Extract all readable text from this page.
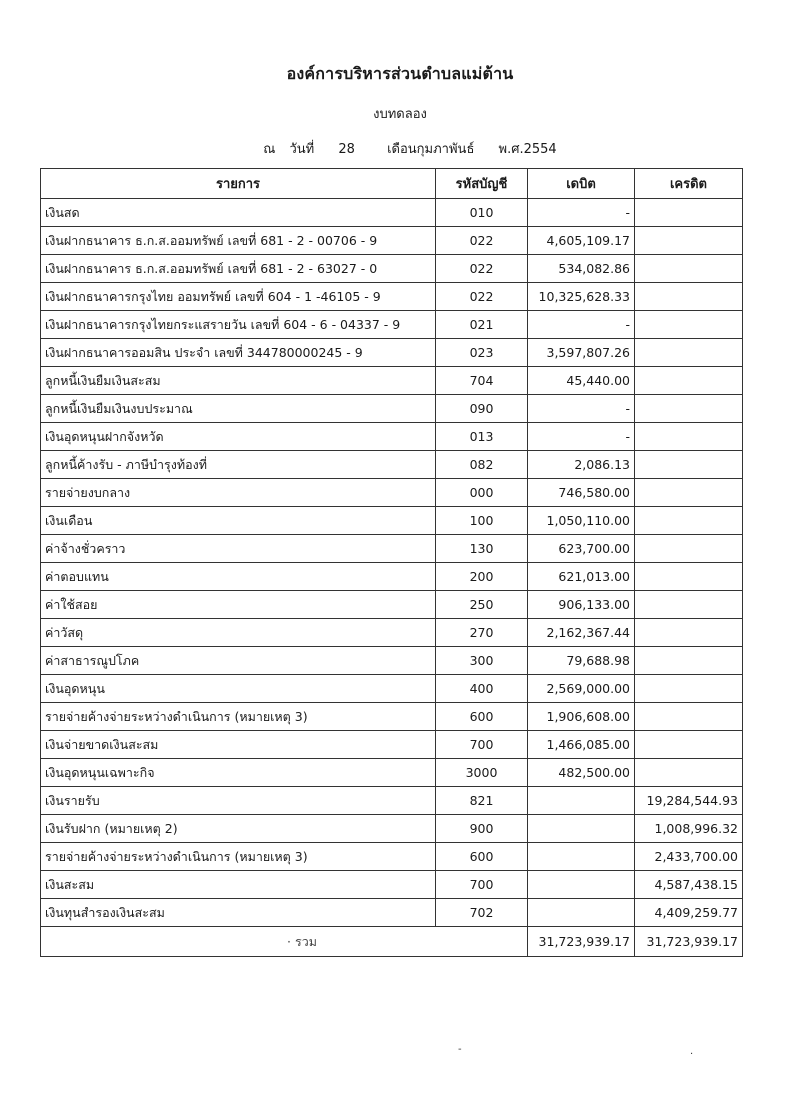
องค์การบริหารส่วนตำบลแม่ต้าน
งบทดลอง
ณ วันที่ 28 เดือนกุมภาพันธ์ พ.ศ.2554
รายการ	รหัสบัญชี	เดบิต	เครดิต
เงินสด	010	-	
เงินฝากธนาคาร ธ.ก.ส.ออมทรัพย์ เลขที่ 681 - 2 - 00706 - 9	022	4,605,109.17	
เงินฝากธนาคาร ธ.ก.ส.ออมทรัพย์ เลขที่ 681 - 2 - 63027 - 0	022	534,082.86	
เงินฝากธนาคารกรุงไทย ออมทรัพย์ เลขที่ 604 - 1 -46105 - 9	022	10,325,628.33	
เงินฝากธนาคารกรุงไทยกระแสรายวัน เลขที่ 604 - 6 - 04337 - 9	021	-	
เงินฝากธนาคารออมสิน ประจำ เลขที่ 344780000245 - 9	023	3,597,807.26	
ลูกหนี้เงินยืมเงินสะสม	704	45,440.00	
ลูกหนี้เงินยืมเงินงบประมาณ	090	-	
เงินอุดหนุนฝากจังหวัด	013	-	
ลูกหนี้ค้างรับ - ภาษีบำรุงท้องที่	082	2,086.13	
รายจ่ายงบกลาง	000	746,580.00	
เงินเดือน	100	1,050,110.00	
ค่าจ้างชั่วคราว	130	623,700.00	
ค่าตอบแทน	200	621,013.00	
ค่าใช้สอย	250	906,133.00	
ค่าวัสดุ	270	2,162,367.44	
ค่าสาธารณูปโภค	300	79,688.98	
เงินอุดหนุน	400	2,569,000.00	
รายจ่ายค้างจ่ายระหว่างดำเนินการ (หมายเหตุ 3)	600	1,906,608.00	
เงินจ่ายขาดเงินสะสม	700	1,466,085.00	
เงินอุดหนุนเฉพาะกิจ	3000	482,500.00	
เงินรายรับ	821		19,284,544.93
เงินรับฝาก (หมายเหตุ 2)	900		1,008,996.32
รายจ่ายค้างจ่ายระหว่างดำเนินการ (หมายเหตุ 3)	600		2,433,700.00
เงินสะสม	700		4,587,438.15
เงินทุนสำรองเงินสะสม	702		4,409,259.77
· รวม		31,723,939.17	31,723,939.17
-	.
